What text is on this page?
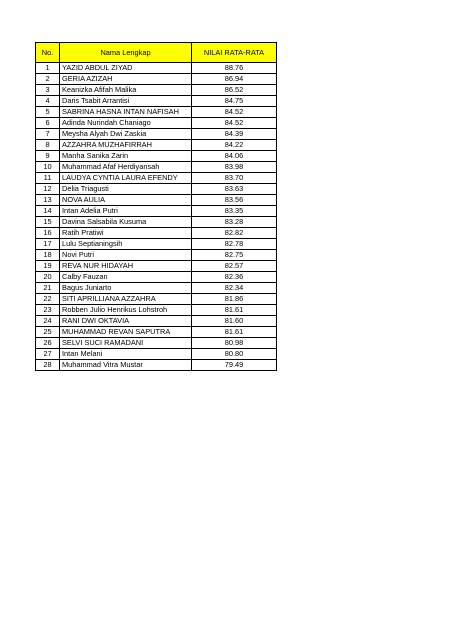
No.	Nama Lengkap	NILAI RATA-RATA
1	YAZID ABDUL ZIYAD	88.76
2	GERIA AZIZAH	86.94
3	Keanizka Afifah Malika	86.52
4	Daris Tsabit Arrantisi	84.75
5	SABRINA HASNA INTAN NAFISAH	84.52
6	Adinda Nurindah Chaniago	84.52
7	Meysha Alyah Dwi Zaskia	84.39
8	AZZAHRA MUZHAFIRRAH	84.22
9	Manha Sanika Zarin	84.06
10	Muhammad Afaf Herdiyansah	83.98
11	LAUDYA CYNTIA LAURA EFENDY	83.70
12	Delia Triagusti	83.63
13	NOVA AULIA	83.56
14	Intan Adelia Putri	83.35
15	Davina Salsabila Kusuma	83.28
16	Ratih Pratiwi	82.82
17	Lulu Septianingsih	82.78
18	Novi Putri	82.75
19	REVA NUR HIDAYAH	82.57
20	Calby Fauzan	82.36
21	Bagus Juniarto	82.34
22	SITI APRILLIANA AZZAHRA	81.86
23	Robben Julio Henrikus Lohstroh	81.61
24	RANI DWI OKTAVIA	81.60
25	MUHAMMAD REVAN SAPUTRA	81.61
26	SELVI SUCI RAMADANI	80.98
27	Intan Melani	80.80
28	Muhammad Vitra Mustar	79.49
